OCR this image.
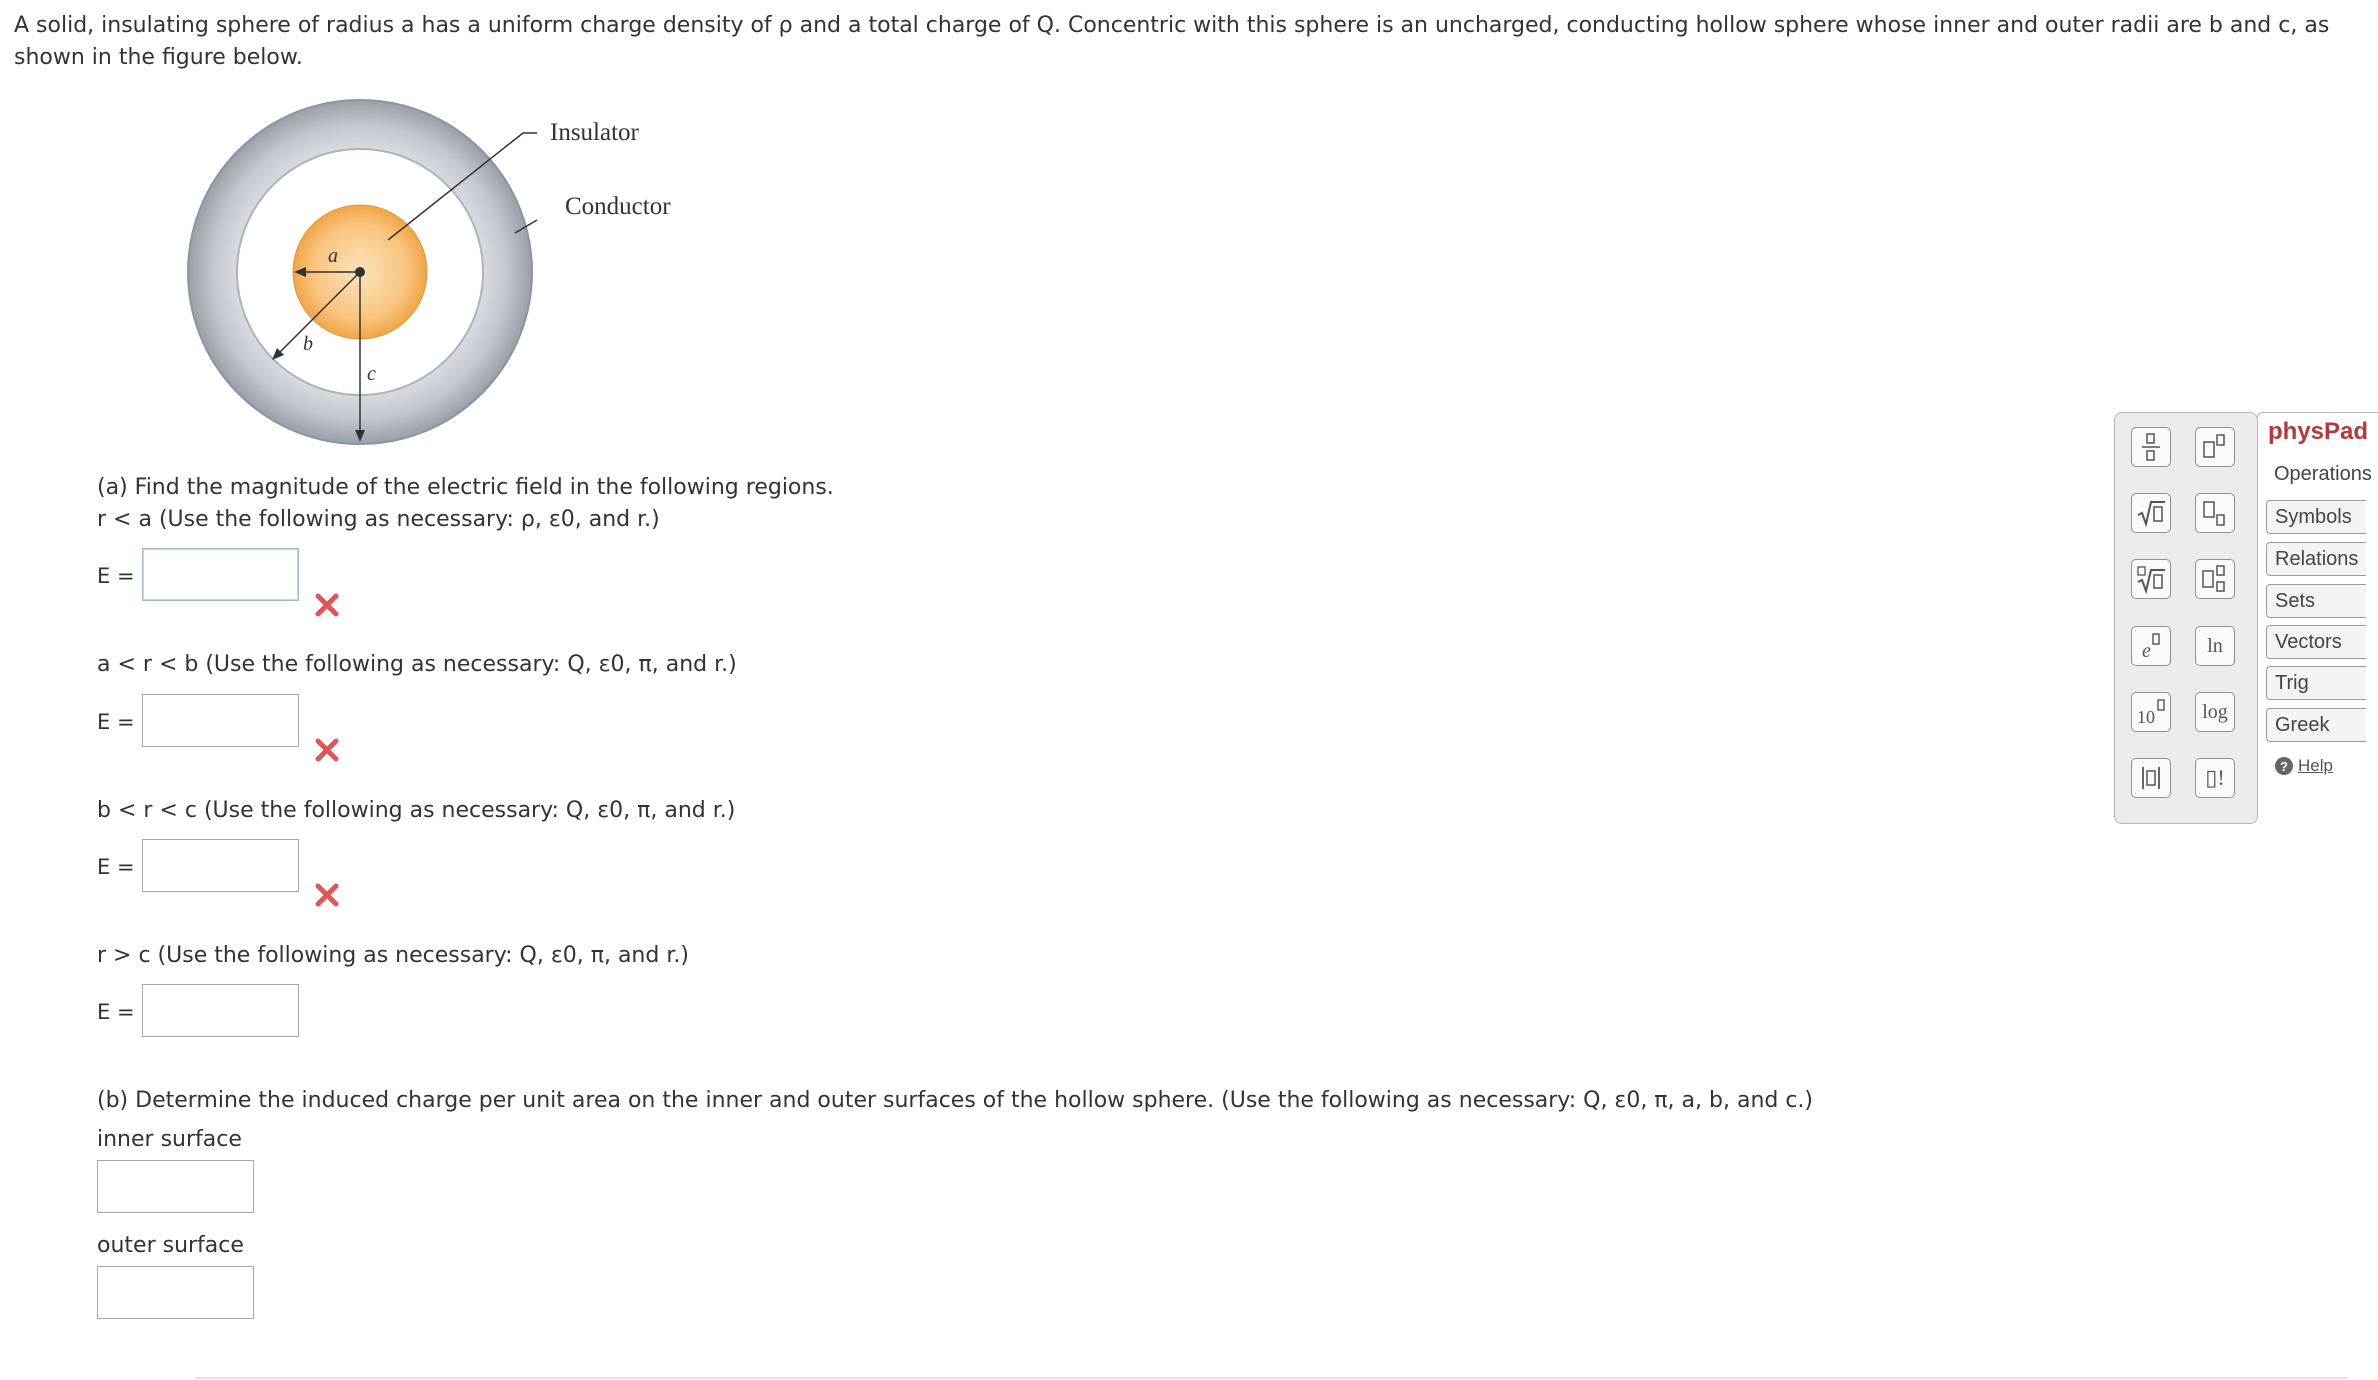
A solid, insulating sphere of radius a has a uniform charge density of ρ and a total charge of Q. Concentric with this sphere is an uncharged, conducting hollow sphere whose inner and outer radii are b and c, as shown in the figure below.
Insulator
Conductor
a
b
c
(a) Find the magnitude of the electric field in the following regions.
r < a (Use the following as necessary: ρ, ε0, and r.)
E =
a < r < b (Use the following as necessary: Q, ε0, π, and r.)
E =
b < r < c (Use the following as necessary: Q, ε0, π, and r.)
E =
r > c (Use the following as necessary: Q, ε0, π, and r.)
E =
(b) Determine the induced charge per unit area on the inner and outer surfaces of the hollow sphere. (Use the following as necessary: Q, ε0, π, a, b, and c.)
inner surface
outer surface
e	ln
10 log
▯!
physPad
Operations
Symbols
Relations
Sets
Vectors
Trig
Greek
? Help
